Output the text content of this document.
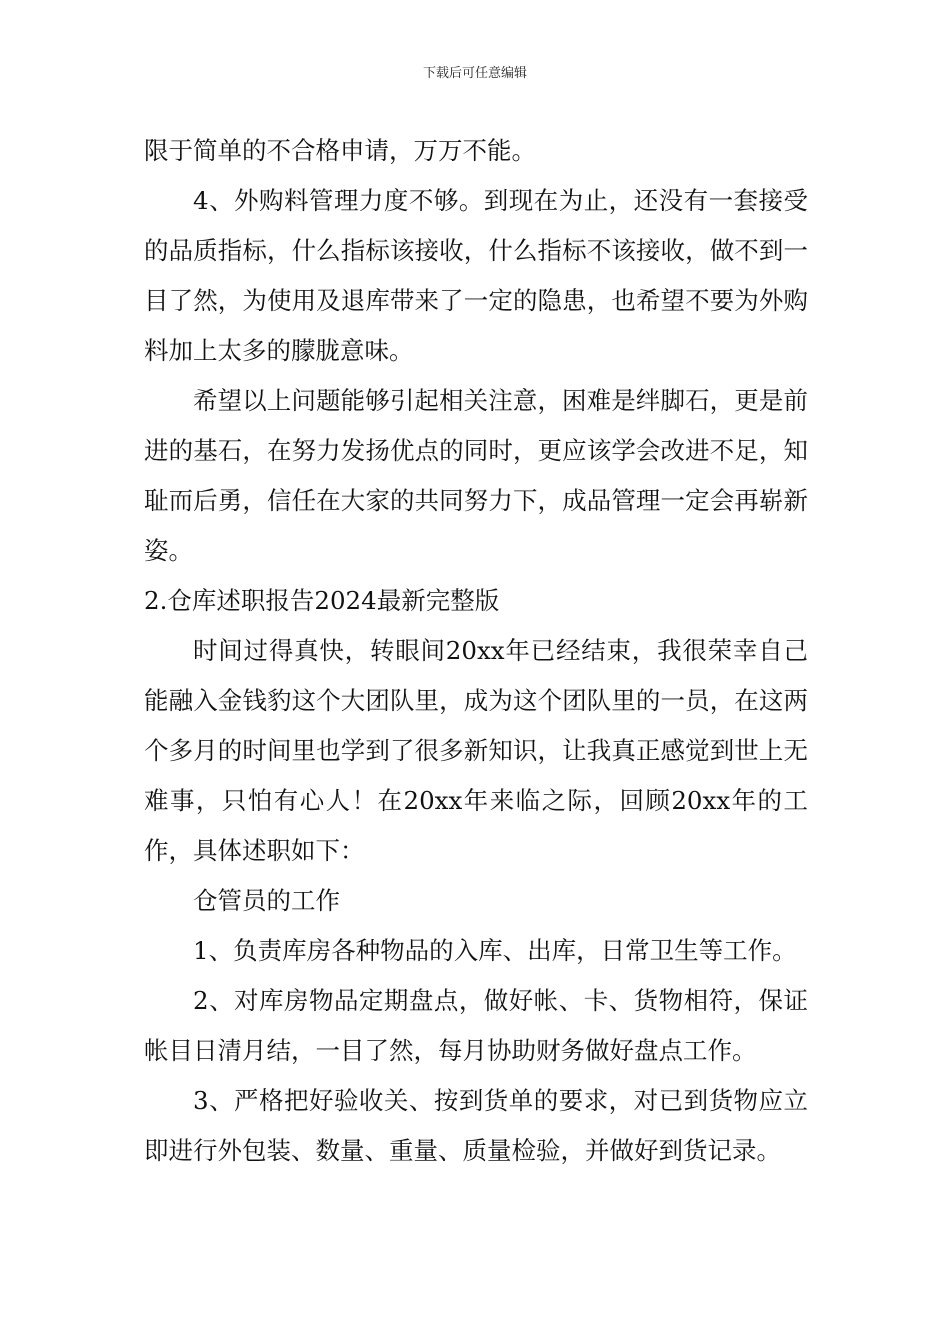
下载后可任意编辑

限于简单的不合格申请，万万不能。

4、外购料管理力度不够。到现在为止，还没有一套接受的品质指标，什么指标该接收，什么指标不该接收，做不到一目了然，为使用及退库带来了一定的隐患，也希望不要为外购料加上太多的朦胧意味。

希望以上问题能够引起相关注意，困难是绊脚石，更是前进的基石，在努力发扬优点的同时，更应该学会改进不足，知耻而后勇，信任在大家的共同努力下，成品管理一定会再崭新姿。

2.仓库述职报告2024最新完整版

时间过得真快，转眼间20xx年已经结束，我很荣幸自己能融入金钱豹这个大团队里，成为这个团队里的一员，在这两个多月的时间里也学到了很多新知识，让我真正感觉到世上无难事，只怕有心人！在20xx年来临之际，回顾20xx年的工作，具体述职如下：

仓管员的工作

1、负责库房各种物品的入库、出库，日常卫生等工作。

2、对库房物品定期盘点，做好帐、卡、货物相符，保证帐目日清月结，一目了然，每月协助财务做好盘点工作。

3、严格把好验收关、按到货单的要求，对已到货物应立即进行外包装、数量、重量、质量检验，并做好到货记录。
